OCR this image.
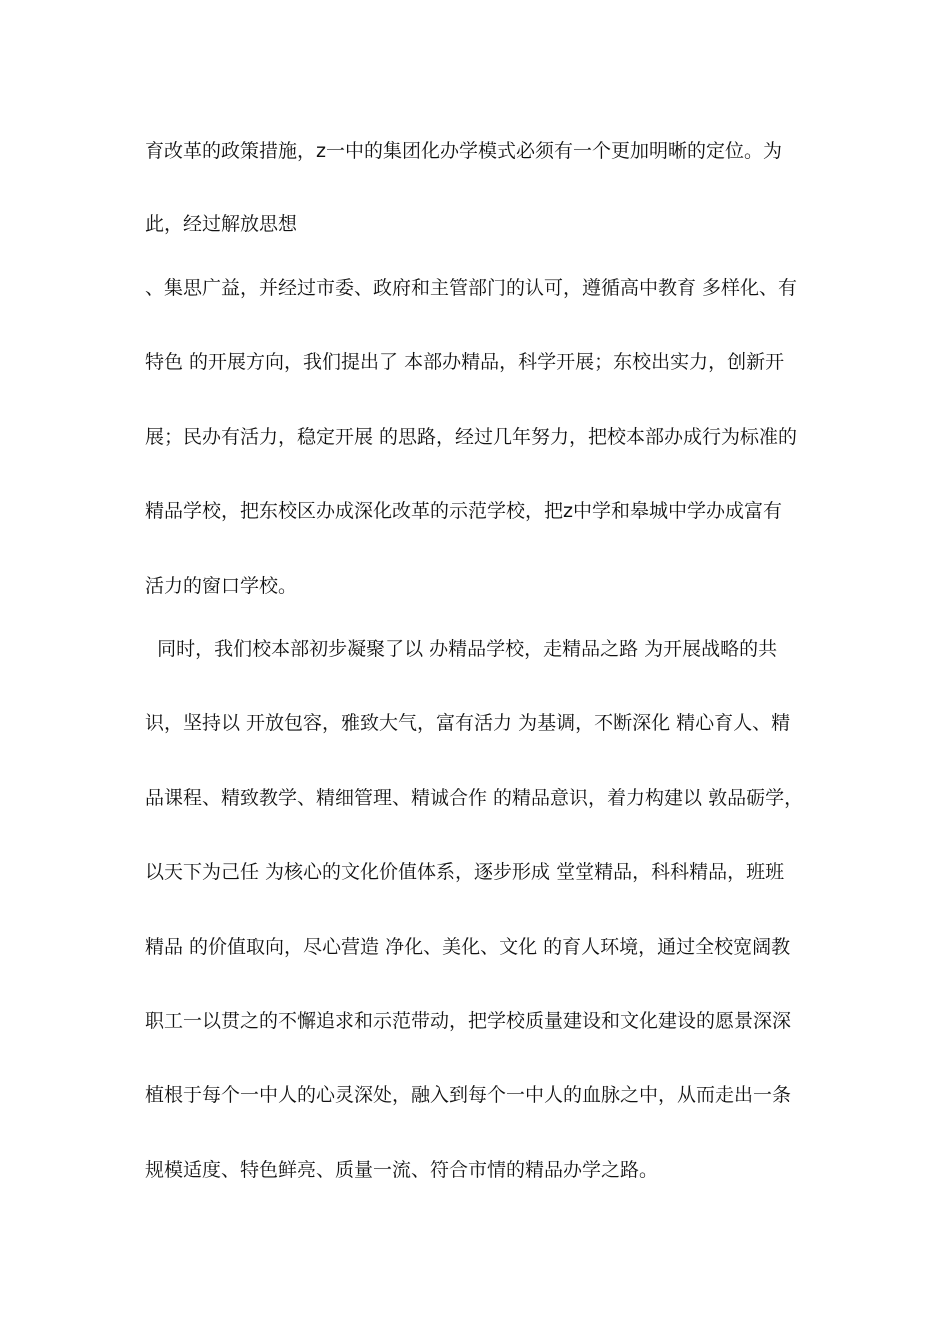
育改革的政策措施，z一中的集团化办学模式必须有一个更加明晰的定位。为
此，经过解放思想
、集思广益，并经过市委、政府和主管部门的认可，遵循高中教育 多样化、有
特色 的开展方向，我们提出了 本部办精品，科学开展；东校出实力，创新开
展；民办有活力，稳定开展 的思路，经过几年努力，把校本部办成行为标准的
精品学校，把东校区办成深化改革的示范学校，把z中学和皋城中学办成富有
活力的窗口学校。
同时，我们校本部初步凝聚了以 办精品学校，走精品之路 为开展战略的共
识，坚持以 开放包容，雅致大气，富有活力 为基调，不断深化 精心育人、精
品课程、精致教学、精细管理、精诚合作 的精品意识，着力构建以 敦品砺学，
以天下为己任 为核心的文化价值体系，逐步形成 堂堂精品，科科精品，班班
精品 的价值取向，尽心营造 净化、美化、文化 的育人环境，通过全校宽阔教
职工一以贯之的不懈追求和示范带动，把学校质量建设和文化建设的愿景深深
植根于每个一中人的心灵深处，融入到每个一中人的血脉之中，从而走出一条
规模适度、特色鲜亮、质量一流、符合市情的精品办学之路。
